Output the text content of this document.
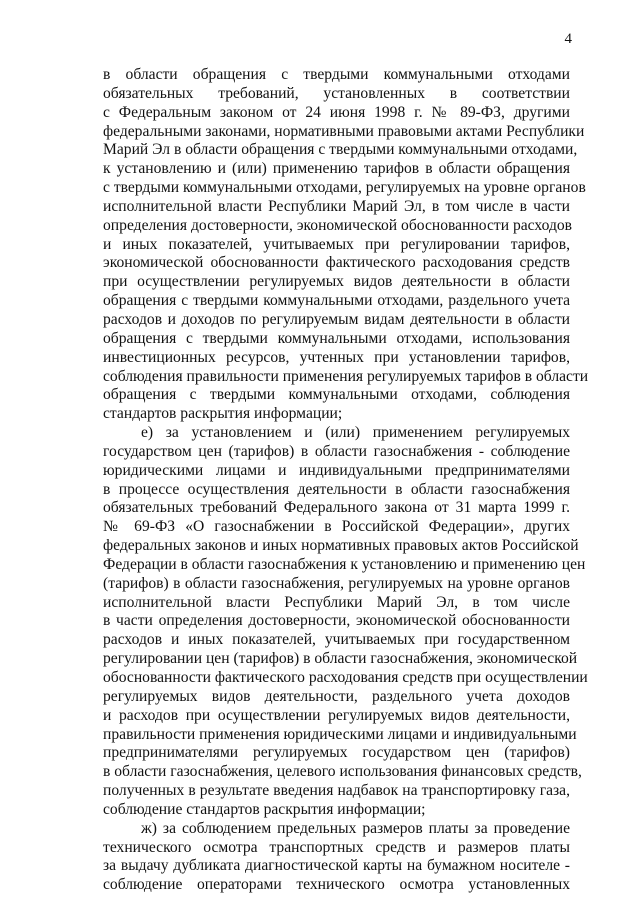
4
в области обращения с твердыми коммунальными отходами
обязательных требований, установленных в соответствии
с Федеральным законом от 24 июня 1998 г. № 89-ФЗ, другими
федеральными законами, нормативными правовыми актами Республики
Марий Эл в области обращения с твердыми коммунальными отходами,
к установлению и (или) применению тарифов в области обращения
с твердыми коммунальными отходами, регулируемых на уровне органов
исполнительной власти Республики Марий Эл, в том числе в части
определения достоверности, экономической обоснованности расходов
и иных показателей, учитываемых при регулировании тарифов,
экономической обоснованности фактического расходования средств
при осуществлении регулируемых видов деятельности в области
обращения с твердыми коммунальными отходами, раздельного учета
расходов и доходов по регулируемым видам деятельности в области
обращения с твердыми коммунальными отходами, использования
инвестиционных ресурсов, учтенных при установлении тарифов,
соблюдения правильности применения регулируемых тарифов в области
обращения с твердыми коммунальными отходами, соблюдения
стандартов раскрытия информации;
е) за установлением и (или) применением регулируемых
государством цен (тарифов) в области газоснабжения - соблюдение
юридическими лицами и индивидуальными предпринимателями
в процессе осуществления деятельности в области газоснабжения
обязательных требований Федерального закона от 31 марта 1999 г.
№ 69-ФЗ «О газоснабжении в Российской Федерации», других
федеральных законов и иных нормативных правовых актов Российской
Федерации в области газоснабжения к установлению и применению цен
(тарифов) в области газоснабжения, регулируемых на уровне органов
исполнительной власти Республики Марий Эл, в том числе
в части определения достоверности, экономической обоснованности
расходов и иных показателей, учитываемых при государственном
регулировании цен (тарифов) в области газоснабжения, экономической
обоснованности фактического расходования средств при осуществлении
регулируемых видов деятельности, раздельного учета доходов
и расходов при осуществлении регулируемых видов деятельности,
правильности применения юридическими лицами и индивидуальными
предпринимателями регулируемых государством цен (тарифов)
в области газоснабжения, целевого использования финансовых средств,
полученных в результате введения надбавок на транспортировку газа,
соблюдение стандартов раскрытия информации;
ж) за соблюдением предельных размеров платы за проведение
технического осмотра транспортных средств и размеров платы
за выдачу дубликата диагностической карты на бумажном носителе -
соблюдение операторами технического осмотра установленных
